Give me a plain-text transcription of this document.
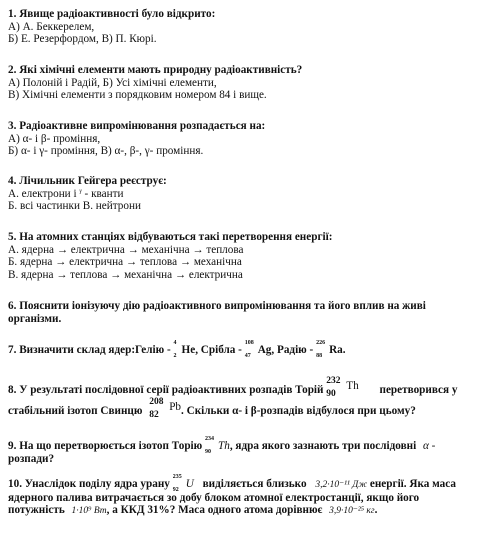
1. Явище радіоактивності було відкрито:
А) А. Беккерелем,
Б) Е. Резерфордом, В) П. Кюрі.
2. Які хімічні елементи мають природну радіоактивність?
А) Полоній і Радій, Б) Усі хімічні елементи,
В) Хімічні елементи з порядковим номером 84 і вище.
3. Радіоактивне випромінювання розпадається на:
А) α- і β- проміння,
Б) α- і γ- проміння, В) α-, β-, γ- проміння.
4. Лічильник Гейгера реєструє:
А. електрони і $^\gamma$ - кванти
Б. всі частинки В. нейтрони
5. На атомних станціях відбуваються такі перетворення енергії:
А. ядерна → електрична → механічна → теплова
Б. ядерна → електрична → теплова → механічна
В. ядерна → теплова → механічна → електрична
6. Пояснити іонізуючу дію радіоактивного випромінювання та його вплив на живі організми.
7. Визначити склад ядер:Гелію -
4
2 He, Срібла -
108
47 Ag, Радію -
226
88 Ra.
8. У результаті послідовної серії радіоактивних розпадів Торій
232
90
Th перетворився у
стабільний ізотоп Свинцю
208
82
Pb. Скільки α- і β-розпадів відбулося при цьому?
9. На що перетворюється ізотоп Торію
234
90 Th, ядра якого зазнають три послідовні α -
розпади?
10. Унаслідок поділу ядра урану
235
92 U виділяється близько 3,2·10⁻¹¹ Дж енергії. Яка маса
ядерного палива витрачається зо добу блоком атомної електростанції, якщо його
потужність 1·10⁹ Вт, а ККД 31%? Маса одного атома дорівнює 3,9·10⁻²⁵ кг.
